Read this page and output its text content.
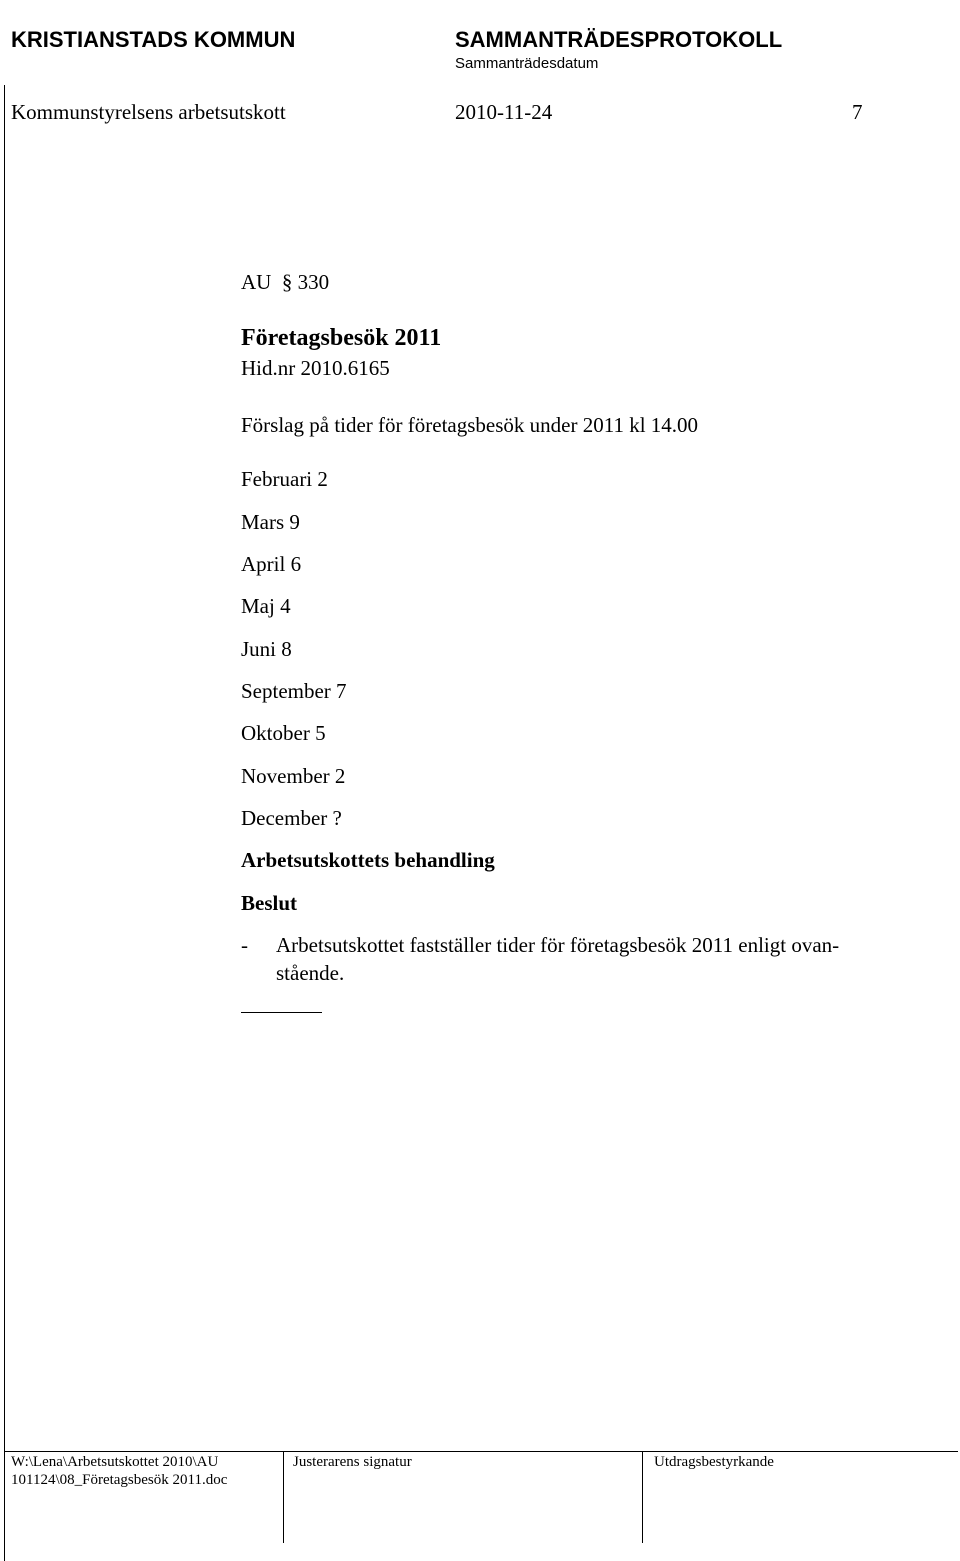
KRISTIANSTADS KOMMUN	SAMMANTRÄDESPROTOKOLL
Sammanträdesdatum
Kommunstyrelsens arbetsutskott	2010-11-24	7
AU  § 330
Företagsbesök 2011
Hid.nr 2010.6165
Förslag på tider för företagsbesök under 2011 kl 14.00
Februari 2
Mars 9
April 6
Maj 4
Juni 8
September 7
Oktober 5
November 2
December ?
Arbetsutskottets behandling
Beslut
- Arbetsutskottet fastställer tider för företagsbesök 2011 enligt ovan-
stående.
W:\Lena\Arbetsutskottet 2010\AU
101124\08_Företagsbesök 2011.doc
Justerarens signatur	Utdragsbestyrkande
